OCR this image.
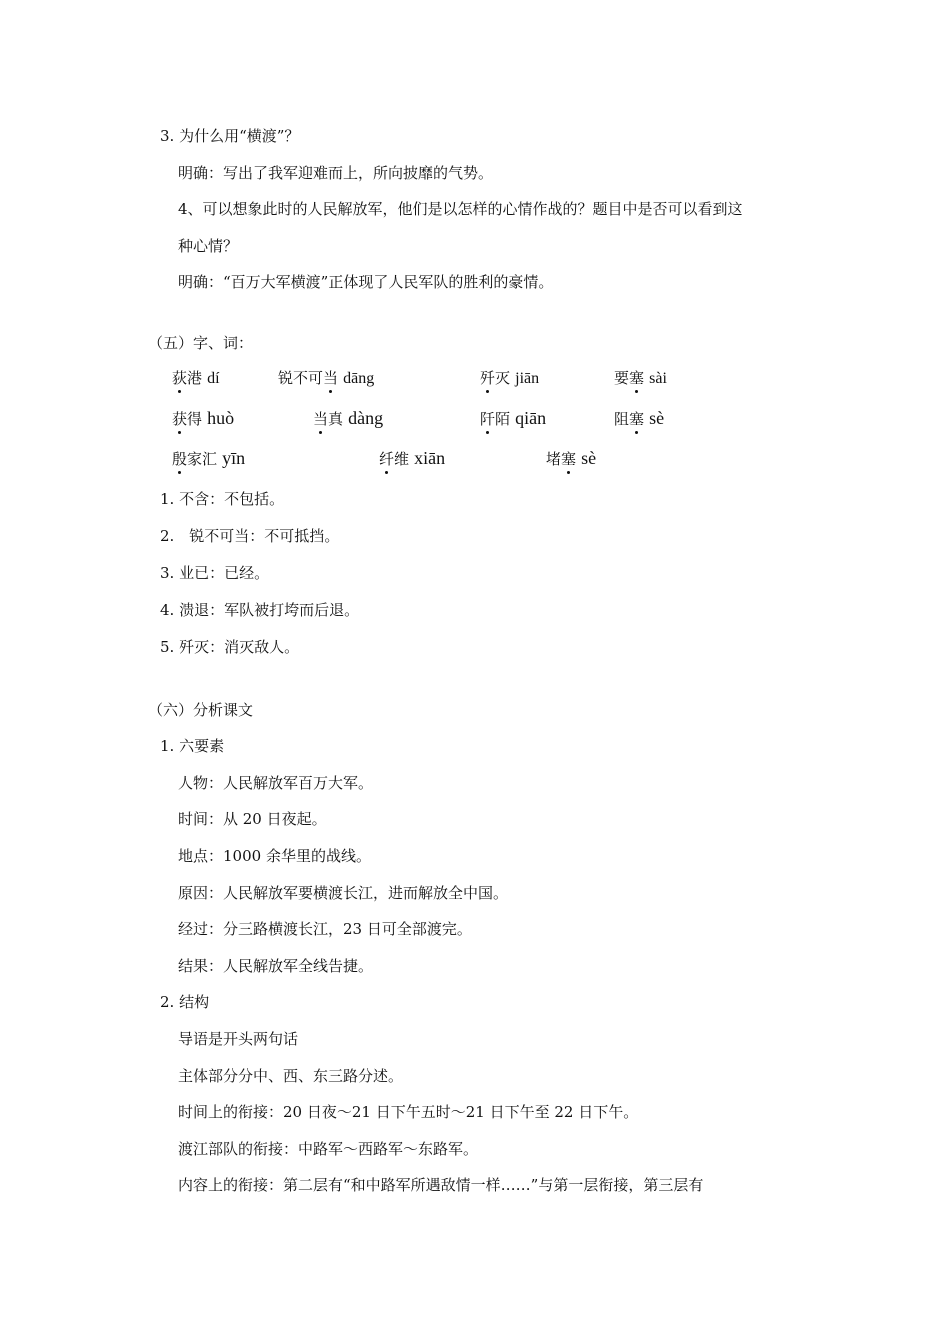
3. 为什么用“横渡”？
明确：写出了我军迎难而上，所向披靡的气势。
4、可以想象此时的人民解放军，他们是以怎样的心情作战的？题目中是否可以看到这
种心情？
明确：“百万大军横渡”正体现了人民军队的胜利的豪情。
（五）字、词：
荻港 dí	锐不可当 dāng	歼灭 jiān	要塞 sài
获得 huò	当真 dàng	阡陌 qiān	阻塞 sè
殷家汇 yīn	纤维 xiān	堵塞 sè
1. 不含：不包括。
2.　锐不可当：不可抵挡。
3. 业已：已经。
4. 溃退：军队被打垮而后退。
5. 歼灭：消灭敌人。
（六）分析课文
1. 六要素
人物：人民解放军百万大军。
时间：从 20 日夜起。
地点：1000 余华里的战线。
原因：人民解放军要横渡长江，进而解放全中国。
经过：分三路横渡长江，23 日可全部渡完。
结果：人民解放军全线告捷。
2. 结构
导语是开头两句话
主体部分分中、西、东三路分述。
时间上的衔接：20 日夜～21 日下午五时～21 日下午至 22 日下午。
渡江部队的衔接：中路军～西路军～东路军。
内容上的衔接：第二层有“和中路军所遇敌情一样……”与第一层衔接，第三层有
